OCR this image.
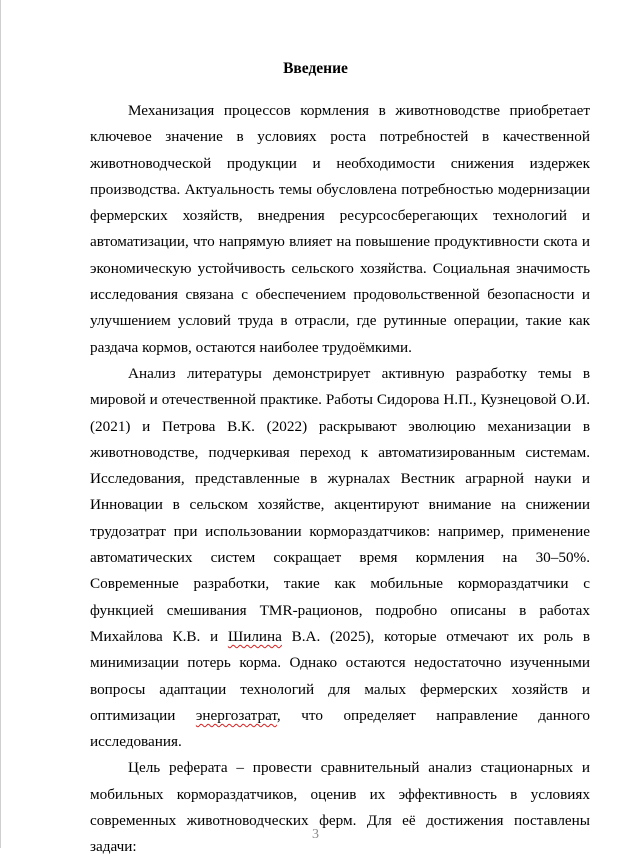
Введение

Механизация процессов кормления в животноводстве приобретает ключевое значение в условиях роста потребностей в качественной животноводческой продукции и необходимости снижения издержек производства. Актуальность темы обусловлена потребностью модернизации фермерских хозяйств, внедрения ресурсосберегающих технологий и автоматизации, что напрямую влияет на повышение продуктивности скота и экономическую устойчивость сельского хозяйства. Социальная значимость исследования связана с обеспечением продовольственной безопасности и улучшением условий труда в отрасли, где рутинные операции, такие как раздача кормов, остаются наиболее трудоёмкими.

Анализ литературы демонстрирует активную разработку темы в мировой и отечественной практике. Работы Сидорова Н.П., Кузнецовой О.И. (2021) и Петрова В.К. (2022) раскрывают эволюцию механизации в животноводстве, подчеркивая переход к автоматизированным системам. Исследования, представленные в журналах Вестник аграрной науки и Инновации в сельском хозяйстве, акцентируют внимание на снижении трудозатрат при использовании кормораздатчиков: например, применение автоматических систем сокращает время кормления на 30–50%. Современные разработки, такие как мобильные кормораздатчики с функцией смешивания TMR-рационов, подробно описаны в работах Михайлова К.В. и Шилина В.А. (2025), которые отмечают их роль в минимизации потерь корма. Однако остаются недостаточно изученными вопросы адаптации технологий для малых фермерских хозяйств и оптимизации энергозатрат, что определяет направление данного исследования.

Цель реферата – провести сравнительный анализ стационарных и мобильных кормораздатчиков, оценив их эффективность в условиях современных животноводческих ферм. Для её достижения поставлены задачи:

3
